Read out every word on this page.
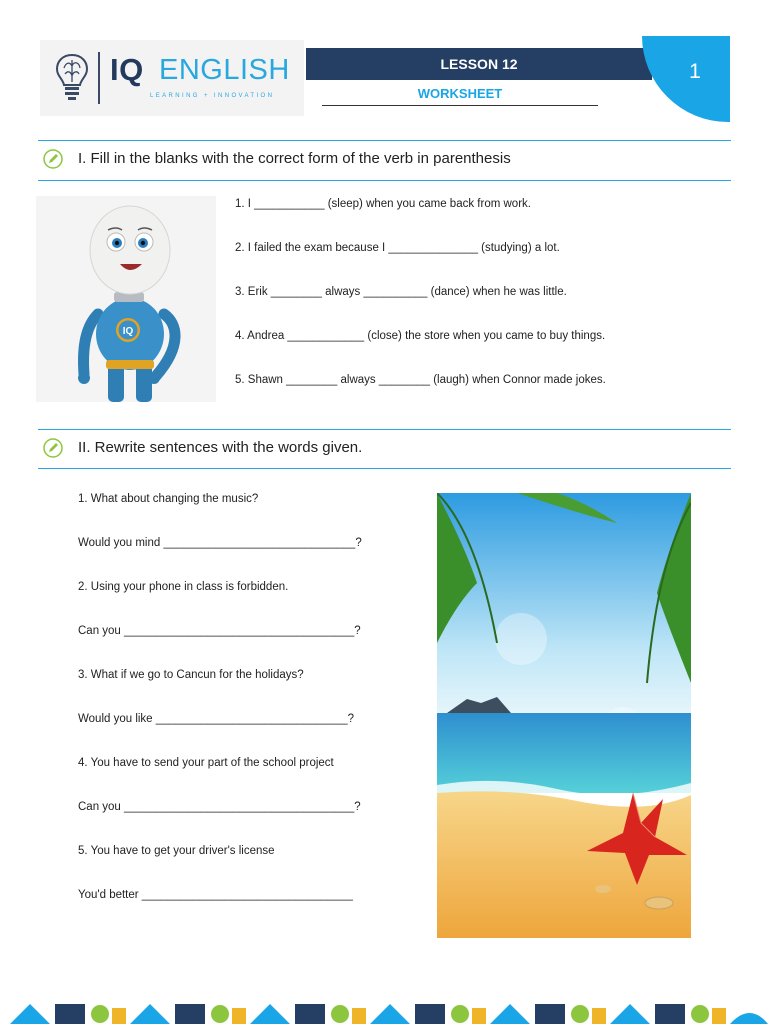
IQ ENGLISH
LEARNING + INNOVATION
LESSON 12	1
WORKSHEET
I. Fill in the blanks with the correct form of the verb in parenthesis
IQ
1. I ___________ (sleep) when you came back from work.
2. I failed the exam because I ______________ (studying) a lot.
3. Erik ________ always __________ (dance) when he was little.
4. Andrea ____________ (close) the store when you came to buy things.
5. Shawn ________ always ________ (laugh) when Connor made jokes.
II. Rewrite sentences with the words given.
1. What about changing the music?
Would you mind ______________________________?
2. Using your phone in class is forbidden.
Can you ____________________________________?
3. What if we go to Cancun for the holidays?
Would you like ______________________________?
4. You have to send your part of the school project
Can you ____________________________________?
5. You have to get your driver's license
You'd better _________________________________
